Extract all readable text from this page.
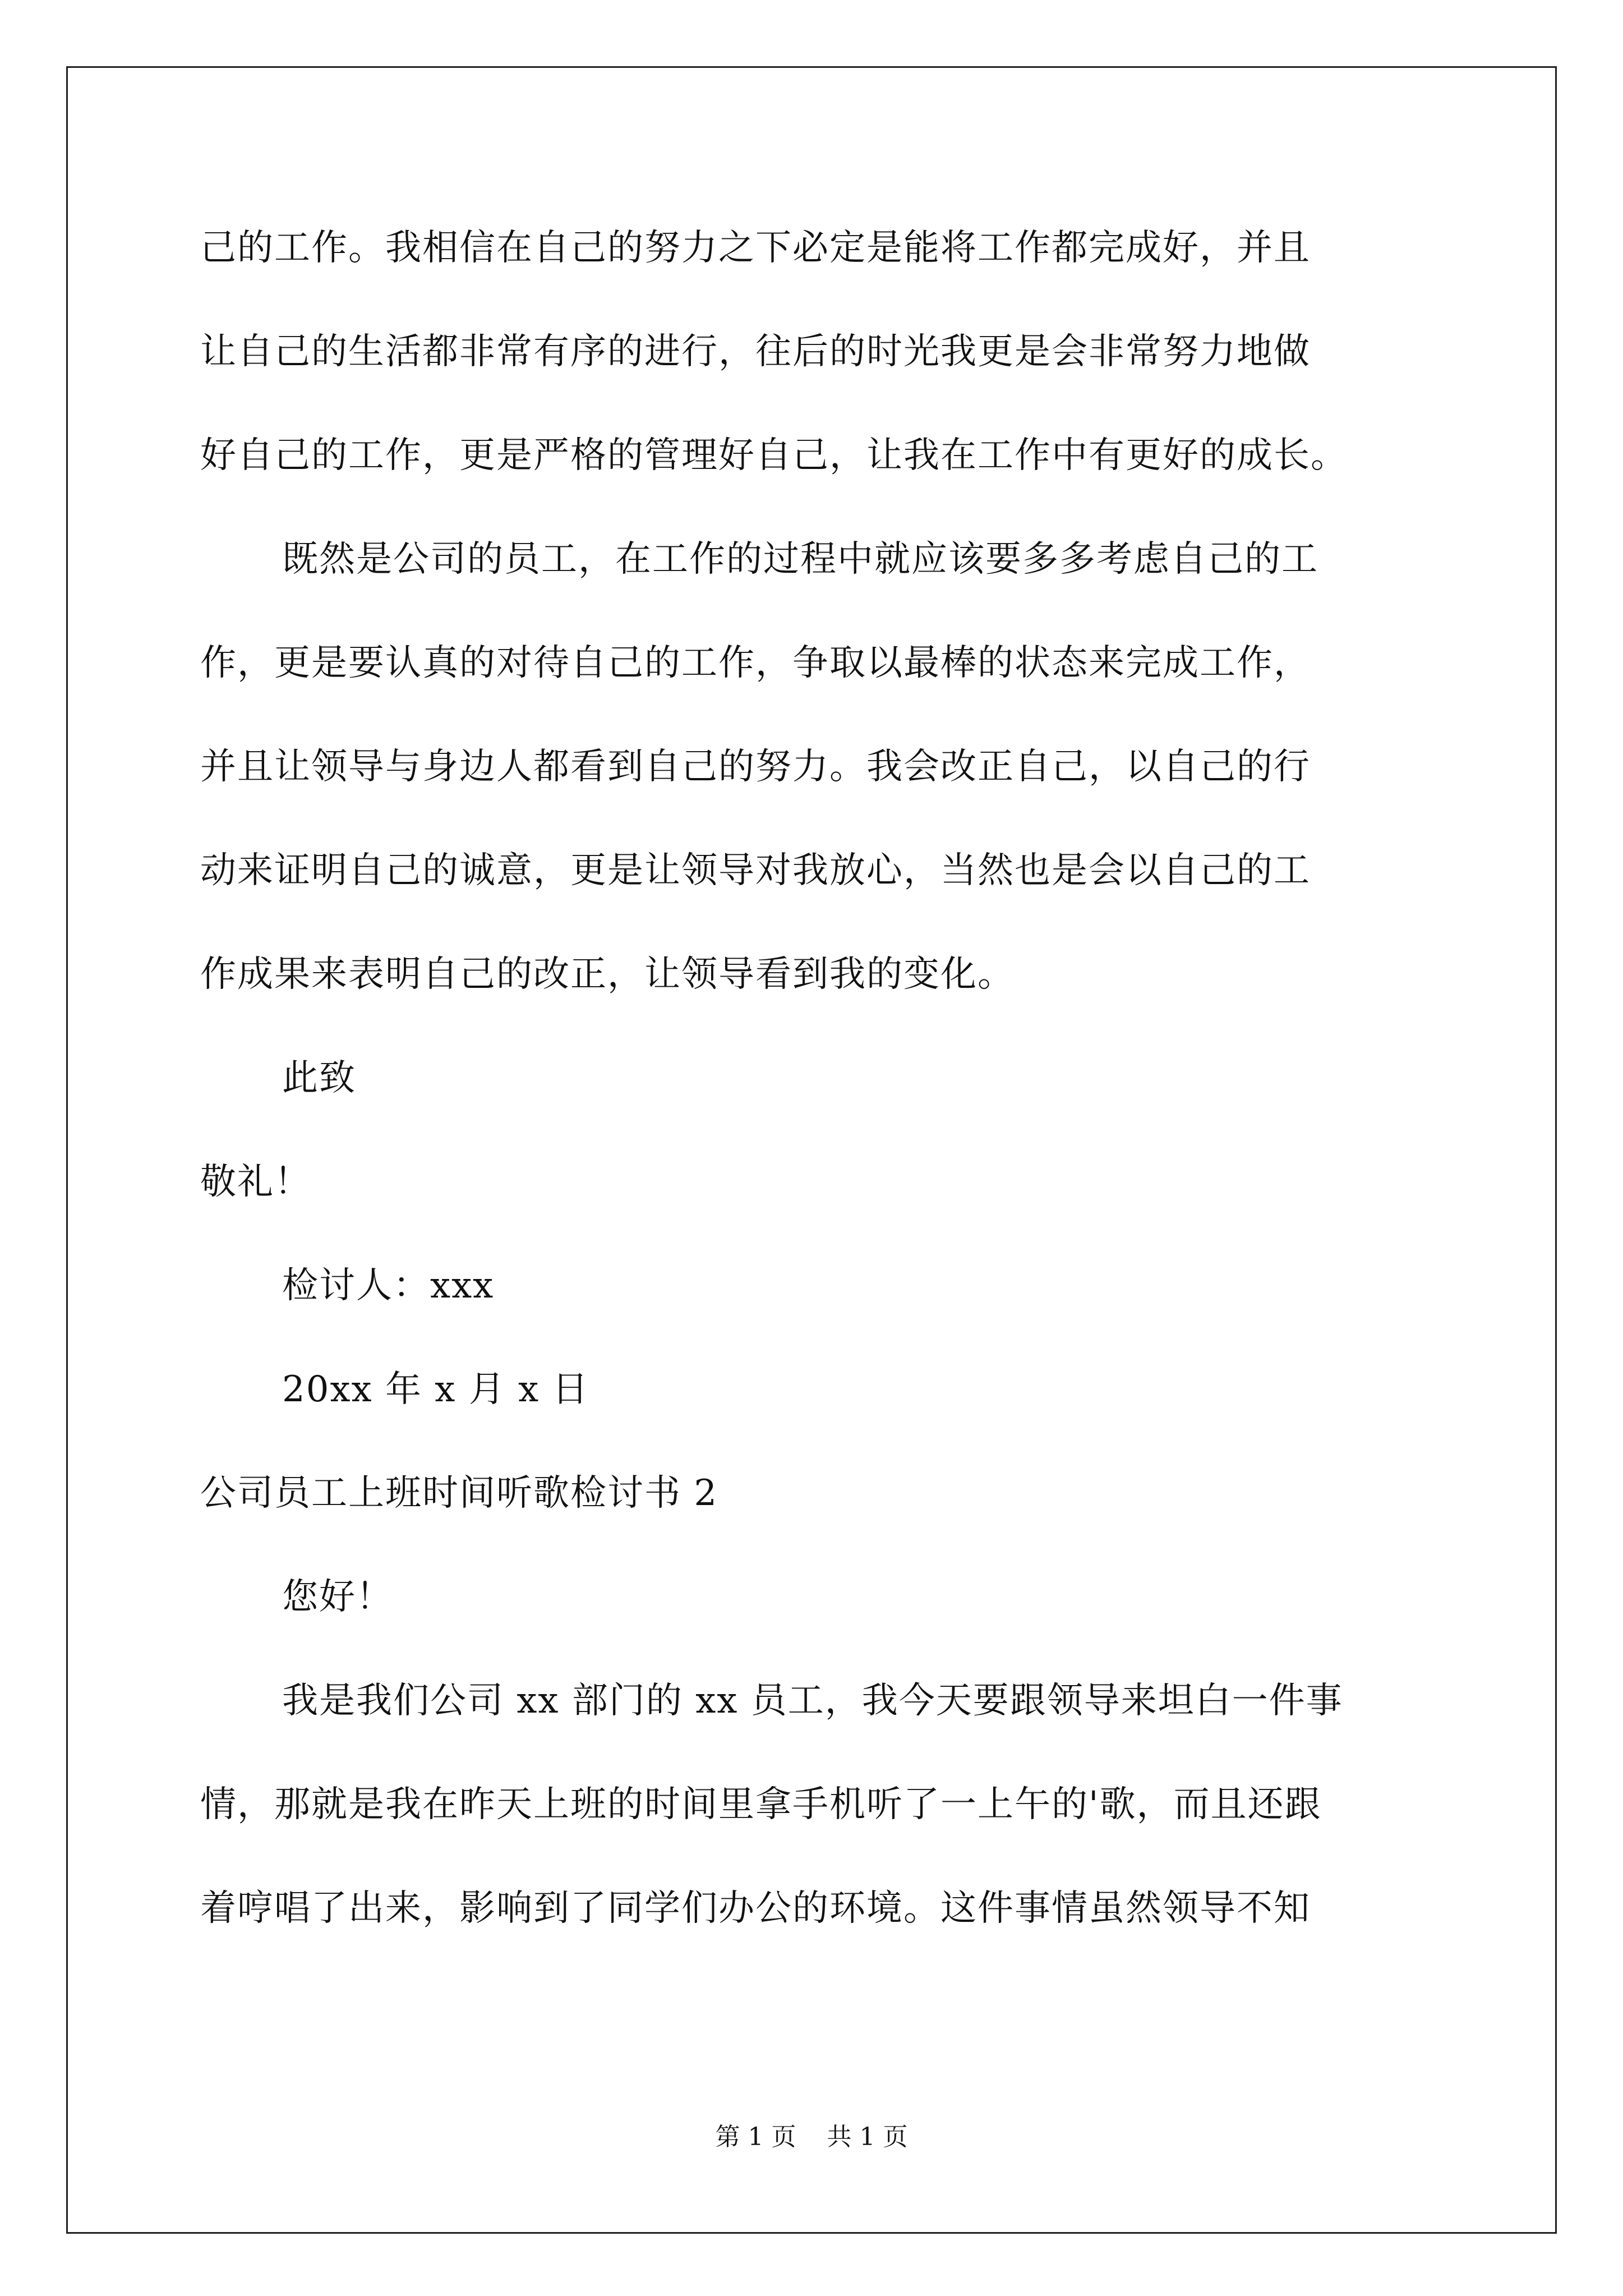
己的工作。我相信在自己的努力之下必定是能将工作都完成好，并且
让自己的生活都非常有序的进行，往后的时光我更是会非常努力地做
好自己的工作，更是严格的管理好自己，让我在工作中有更好的成长。
既然是公司的员工，在工作的过程中就应该要多多考虑自己的工
作，更是要认真的对待自己的工作，争取以最棒的状态来完成工作，
并且让领导与身边人都看到自己的努力。我会改正自己，以自己的行
动来证明自己的诚意，更是让领导对我放心，当然也是会以自己的工
作成果来表明自己的改正，让领导看到我的变化。
此致
敬礼！
检讨人：xxx
20xx 年 x 月 x 日
公司员工上班时间听歌检讨书 2
您好！
我是我们公司 xx 部门的 xx 员工，我今天要跟领导来坦白一件事
情，那就是我在昨天上班的时间里拿手机听了一上午的'歌，而且还跟
着哼唱了出来，影响到了同学们办公的环境。这件事情虽然领导不知
第 1 页 共 1 页
